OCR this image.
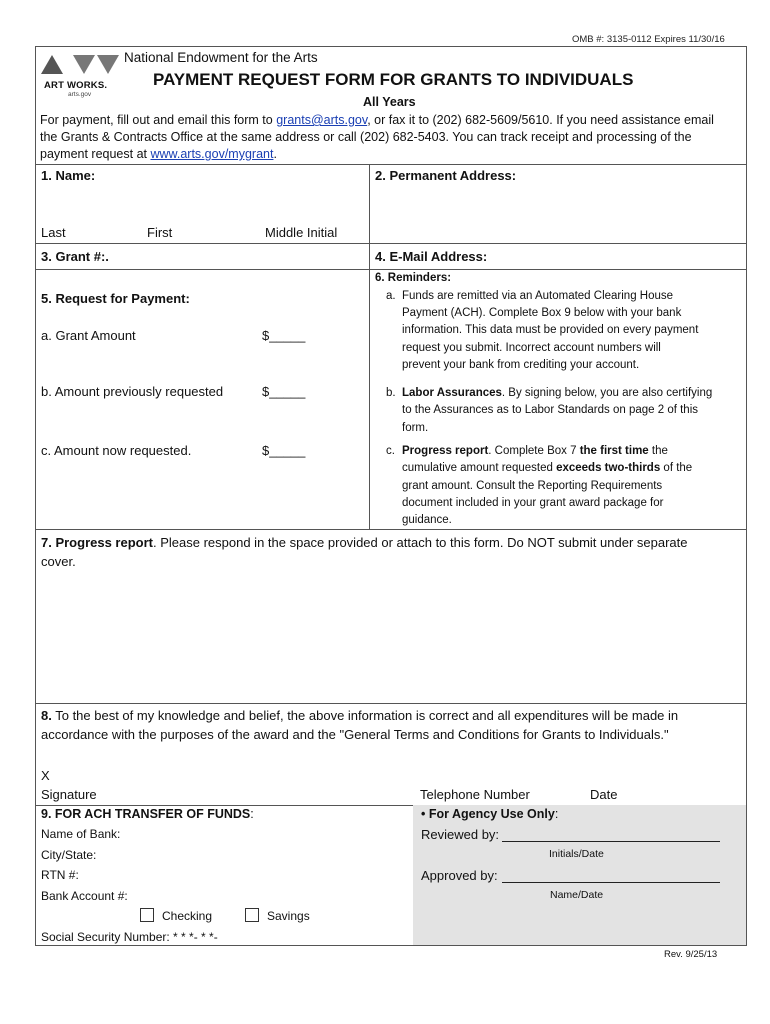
OMB #: 3135-0112 Expires 11/30/16
ART WORKS.
arts.gov
National Endowment for the Arts
PAYMENT REQUEST FORM FOR GRANTS TO INDIVIDUALS
All Years
For payment, fill out and email this form to grants@arts.gov, or fax it to (202) 682-5609/5610. If you need assistance email
the Grants & Contracts Office at the same address or call (202) 682-5403. You can track receipt and processing of the
payment request at www.arts.gov/mygrant.
1. Name:
Last	First	Middle Initial
2. Permanent Address:
3. Grant #:.	4. E-Mail Address:
5. Request for Payment:
a. Grant Amount	$_____
b. Amount previously requested	$_____
c. Amount now requested.	$_____
6. Reminders:
a. Funds are remitted via an Automated Clearing House
Payment (ACH). Complete Box 9 below with your bank
information. This data must be provided on every payment
request you submit. Incorrect account numbers will
prevent your bank from crediting your account.
b. Labor Assurances. By signing below, you are also certifying
to the Assurances as to Labor Standards on page 2 of this
form.
c. Progress report. Complete Box 7 the first time the
cumulative amount requested exceeds two-thirds of the
grant amount. Consult the Reporting Requirements
document included in your grant award package for
guidance.
7. Progress report. Please respond in the space provided or attach to this form. Do NOT submit under separate
cover.
8. To the best of my knowledge and belief, the above information is correct and all expenditures will be made in
accordance with the purposes of the award and the "General Terms and Conditions for Grants to Individuals."
X
Signature	Telephone Number	Date
9. FOR ACH TRANSFER OF FUNDS:
Name of Bank:
City/State:
RTN #:
Bank Account #:
Checking	Savings
Social Security Number: * * *- * *-
• For Agency Use Only:
Reviewed by:
Initials/Date
Approved by:
Name/Date
Rev. 9/25/13
